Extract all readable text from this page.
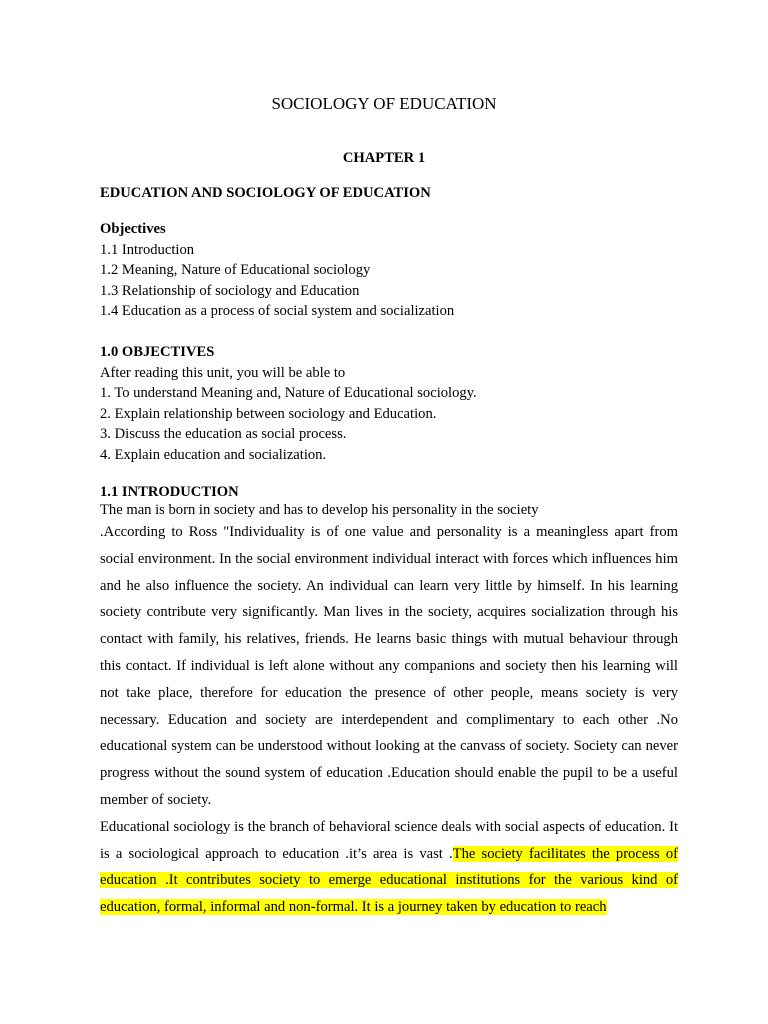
SOCIOLOGY OF EDUCATION
CHAPTER 1
EDUCATION AND SOCIOLOGY OF EDUCATION
Objectives
1.1 Introduction
1.2 Meaning, Nature of Educational sociology
1.3 Relationship of sociology and Education
1.4 Education as a process of social system and socialization
1.0 OBJECTIVES
After reading this unit, you will be able to
1. To understand Meaning and, Nature of Educational sociology.
2. Explain relationship between sociology and Education.
3. Discuss the education as social process.
4. Explain education and socialization.
1.1 INTRODUCTION
The man is born in society and has to develop his personality in the society
.According to Ross "Individuality is of one value and personality is a meaningless apart from social environment. In the social environment individual interact with forces which influences him and he also influence the society. An individual can learn very little by himself. In his learning society contribute very significantly. Man lives in the society, acquires socialization through his contact with family, his relatives, friends. He learns basic things with mutual behaviour through this contact. If individual is left alone without any companions and society then his learning will not take place, therefore for education the presence of other people, means society is very necessary. Education and society are interdependent and complimentary to each other .No educational system can be understood without looking at the canvass of society. Society can never progress without the sound system of education .Education should enable the pupil to be a useful member of society.
Educational sociology is the branch of behavioral science deals with social aspects of education. It is a sociological approach to education .it’s area is vast .The society facilitates the process of education .It contributes society to emerge educational institutions for the various kind of education, formal, informal and non-formal. It is a journey taken by education to reach
